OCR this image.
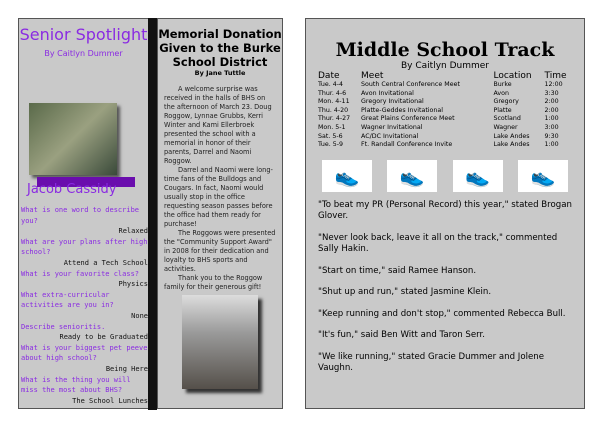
Senior Spotlight
By Caitlyn Dummer
Jacob Cassidy
What is one word to describe you?
Relaxed
What are your plans after high school?
Attend a Tech School
What is your favorite class?
Physics
What extra-curricular activities are you in?
None
Describe senioritis.
Ready to be Graduated
What is your biggest pet peeve about high school?
Being Here
What is the thing you will miss the most about BHS?
The School Lunches
Memorial Donation Given to the Burke School District
By Jane Tuttle

A welcome surprise was received in the halls of BHS on the afternoon of March 23. Doug Roggow, Lynnae Grubbs, Kerri Winter and Kami Ellerbroek presented the school with a memorial in honor of their parents, Darrel and Naomi Roggow.

Darrel and Naomi were long-time fans of the Bulldogs and Cougars. In fact, Naomi would usually stop in the office requesting season passes before the office had them ready for purchase!

The Roggows were presented the "Community Support Award" in 2008 for their dedication and loyalty to BHS sports and activities.

Thank you to the Roggow family for their generous gift!

Middle School Track
By Caitlyn Dummer
Date	Meet	Location	Time
Tue. 4-4	South Central Conference Meet	Burke	12:00
Thur. 4-6	Avon Invitational	Avon	3:30
Mon. 4-11	Gregory Invitational	Gregory	2:00
Thu. 4-20	Platte-Geddes Invitational	Platte	2:00
Thur. 4-27	Great Plains Conference Meet	Scotland	1:00
Mon. 5-1	Wagner Invitational	Wagner	3:00
Sat. 5-6	AC/DC Invitational	Lake Andes	9:30
Tue. 5-9	Ft. Randall Conference Invite	Lake Andes	1:00
👟	👟	👟	👟

"To beat my PR (Personal Record) this year," stated Brogan Glover.

"Never look back, leave it all on the track," commented Sally Hakin.

"Start on time," said Ramee Hanson.

"Shut up and run," stated Jasmine Klein.

"Keep running and don't stop," commented Rebecca Bull.

"It's fun," said Ben Witt and Taron Serr.

"We like running," stated Gracie Dummer and Jolene Vaughn.
